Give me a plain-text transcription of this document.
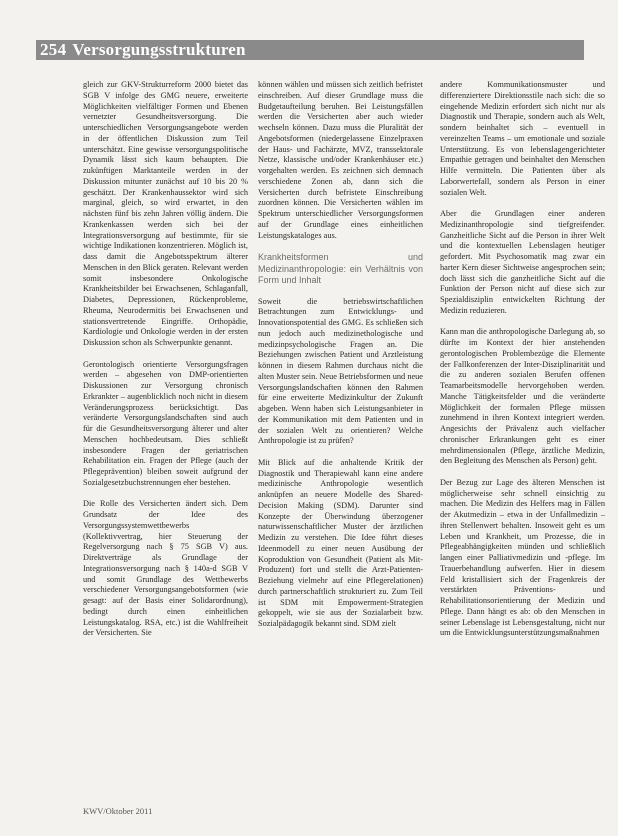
254 Versorgungsstrukturen

gleich zur GKV-Strukturreform 2000 bietet das SGB V infolge des GMG neuere, erweiterte Möglichkeiten vielfältiger Formen und Ebenen vernetzter Gesundheitsversorgung. Die unterschiedlichen Versorgungsangebote werden in der öffentlichen Diskussion zum Teil unterschätzt. Eine gewisse versorgungspolitische Dynamik lässt sich kaum behaupten. Die zukünftigen Marktanteile werden in der Diskussion mitunter zunächst auf 10 bis 20 % geschätzt. Der Krankenhaussektor wird sich marginal, gleich, so wird erwartet, in den nächsten fünf bis zehn Jahren völlig ändern. Die Krankenkassen werden sich bei der Integrationsversorgung auf bestimmte, für sie wichtige Indikationen konzentrieren. Möglich ist, dass damit die Angebotsspektrum älterer Menschen in den Blick geraten. Relevant werden somit insbesondere Onkologische Krankheitsbilder bei Erwachsenen, Schlaganfall, Diabetes, Depressionen, Rückenprobleme, Rheuma, Neurodermitis bei Erwachsenen und stationsvertretende Eingriffe. Orthopädie, Kardiologie und Onkologie werden in der ersten Diskussion schon als Schwerpunkte genannt.

Gerontologisch orientierte Versorgungsfragen werden – abgesehen von DMP-orientierten Diskussionen zur Versorgung chronisch Erkrankter – augenblicklich noch nicht in diesem Veränderungsprozess berücksichtigt. Das veränderte Versorgungslandschaften sind auch für die Gesundheitsversorgung älterer und alter Menschen hochbedeutsam. Dies schließt insbesondere Fragen der geriatrischen Rehabilitation ein. Fragen der Pflege (auch der Pflegeprävention) bleiben soweit aufgrund der Sozialgesetzbuchstrennungen eher bestehen.

Die Rolle des Versicherten ändert sich. Dem Grundsatz der Idee des Versorgungssystemwettbewerbs (Kollektivvertrag, hier Steuerung der Regelversorgung nach § 75 SGB V) aus. Direktverträge als Grundlage der Integrationsversorgung nach § 140a-d SGB V und somit Grundlage des Wettbewerbs verschiedener Versorgungsangebotsformen (wie gesagt: auf der Basis einer Solidarordnung), bedingt durch einen einheitlichen Leistungskatalog. RSA, etc.) ist die Wahlfreiheit der Versicherten. Sie

können wählen und müssen sich zeitlich befristet einschreiben. Auf dieser Grundlage muss die Budgetaufteilung beruhen. Bei Leistungsfällen werden die Versicherten aber auch wieder wechseln können. Dazu muss die Pluralität der Angebotsformen (niedergelassene Einzelpraxen der Haus- und Fachärzte, MVZ, transsektorale Netze, klassische und/oder Krankenhäuser etc.) vorgehalten werden. Es zeichnen sich demnach verschiedene Zonen ab, dann sich die Versicherten durch befristete Einschreibung zuordnen können. Die Versicherten wählen im Spektrum unterschiedlicher Versorgungsformen auf der Grundlage eines einheitlichen Leistungskataloges aus.

Krankheitsformen und Medizinanthropologie: ein Verhältnis von Form und Inhalt

Soweit die betriebswirtschaftlichen Betrachtungen zum Entwicklungs- und Innovationspotential des GMG. Es schließen sich nun jedoch auch medizinethologische und medizinpsychologische Fragen an. Die Beziehungen zwischen Patient und Arztleistung können in diesem Rahmen durchaus nicht die alten Muster sein. Neue Betriebsformen und neue Versorgungslandschaften können den Rahmen für eine erweiterte Medizinkultur der Zukunft abgeben. Wenn haben sich Leistungsanbieter in der Kommunikation mit dem Patienten und in der sozialen Welt zu orientieren? Welche Anthropologie ist zu prüfen?

Mit Blick auf die anhaltende Kritik der Diagnostik und Therapiewahl kann eine andere medizinische Anthropologie wesentlich anknüpfen an neuere Modelle des Shared-Decision Making (SDM). Darunter sind Konzepte der Überwindung überzogener naturwissenschaftlicher Muster der ärztlichen Medizin zu verstehen. Die Idee führt dieses Ideenmodell zu einer neuen Ausübung der Koproduktion von Gesundheit (Patient als Mit-Produzent) fort und stellt die Arzt-Patienten-Beziehung vielmehr auf eine Pflegerelationen) durch partnerschaftlich strukturiert zu. Zum Teil ist SDM mit Empowerment-Strategien gekoppelt, wie sie aus der Sozialarbeit bzw. Sozialpädagogik bekannt sind. SDM zielt

andere Kommunikationsmuster und differenziertere Direktionsstile nach sich: die so eingehende Medizin erfordert sich nicht nur als Diagnostik und Therapie, sondern auch als Welt, sondern beinhaltet sich – eventuell in vereinzelten Teams – um emotionale und soziale Unterstützung. Es von lebenslagengerichteter Empathie getragen und beinhaltet den Menschen Hilfe vermitteln. Die Patienten über als Laborwertefall, sondern als Person in einer sozialen Welt.

Aber die Grundlagen einer anderen Medizinanthropologie sind tiefgreifender. Ganzheitliche Sicht auf die Person in ihrer Welt und die kontextuellen Lebenslagen heutiger gefordert. Mit Psychosomatik mag zwar ein harter Kern dieser Sichtweise angesprochen sein; doch lässt sich die ganzheitliche Sicht auf die Funktion der Person nicht auf diese sich zur Spezialdisziplin entwickelten Richtung der Medizin reduzieren.

Kann man die anthropologische Darlegung ab, so dürfte im Kontext der hier anstehenden gerontologischen Problembezüge die Elemente der Fallkonferenzen der Inter-Disziplinarität und die zu anderen sozialen Berufen offenen Teamarbeitsmodelle hervorgehoben werden. Manche Tätigkeitsfelder und die veränderte Möglichkeit der formalen Pflege müssen zunehmend in ihren Kontext integriert werden. Angesichts der Prävalenz auch vielfacher chronischer Erkrankungen geht es einer mehrdimensionalen (Pflege, ärztliche Medizin, den Begleitung des Menschen als Person) geht.

Der Bezug zur Lage des älteren Menschen ist möglicherweise sehr schnell einsichtig zu machen. Die Medizin des Helfers mag in Fällen der Akutmedizin – etwa in der Unfallmedizin – ihren Stellenwert behalten. Insoweit geht es um Leben und Krankheit, um Prozesse, die in Pflegeabhängigkeiten münden und schließlich langen einer Palliativmedizin und -pflege. Im Trauerbehandlung aufwerfen. Hier in diesem Feld kristallisiert sich der Fragenkreis der verstärkten Präventions- und Rehabilitationsorientierung der Medizin und Pflege. Dann hängt es ab: ob den Menschen in seiner Lebenslage ist Lebensgestaltung, nicht nur um die Entwicklungsunterstützungsmaßnahmen

KWV/Oktober 2011
